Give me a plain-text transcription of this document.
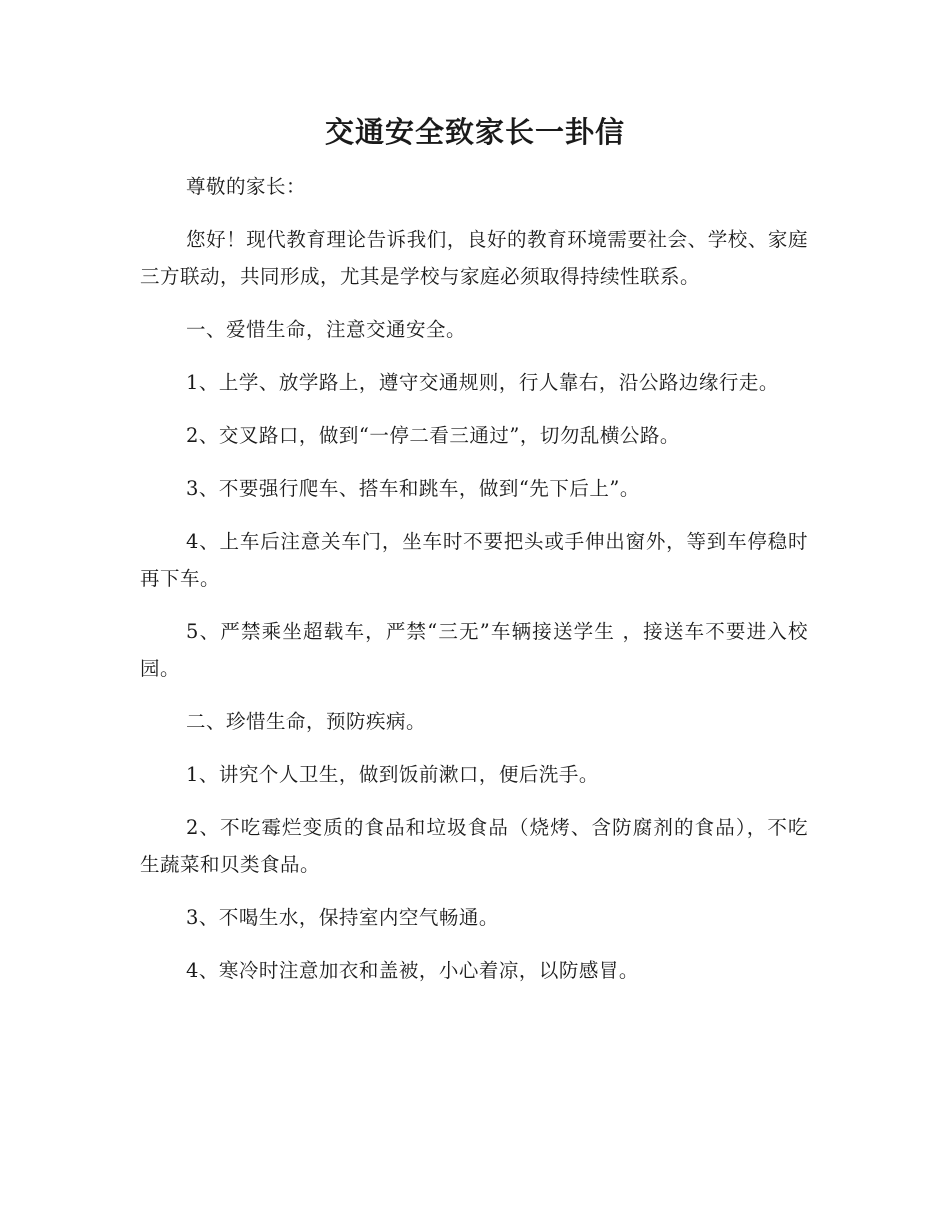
交通安全致家长一卦信

尊敬的家长：

您好！现代教育理论告诉我们，良好的教育环境需要社会、学校、家庭三方联动，共同形成，尤其是学校与家庭必须取得持续性联系。

一、爱惜生命，注意交通安全。

1、上学、放学路上，遵守交通规则，行人靠右，沿公路边缘行走。

2、交叉路口，做到“一停二看三通过”，切勿乱横公路。

3、不要强行爬车、搭车和跳车，做到“先下后上”。

4、上车后注意关车门，坐车时不要把头或手伸出窗外，等到车停稳时再下车。

5、严禁乘坐超载车，严禁“三无”车辆接送学生 ，接送车不要进入校园。

二、珍惜生命，预防疾病。

1、讲究个人卫生，做到饭前漱口，便后洗手。

2、不吃霉烂变质的食品和垃圾食品（烧烤、含防腐剂的食品），不吃生蔬菜和贝类食品。

3、不喝生水，保持室内空气畅通。

4、寒冷时注意加衣和盖被，小心着凉，以防感冒。
